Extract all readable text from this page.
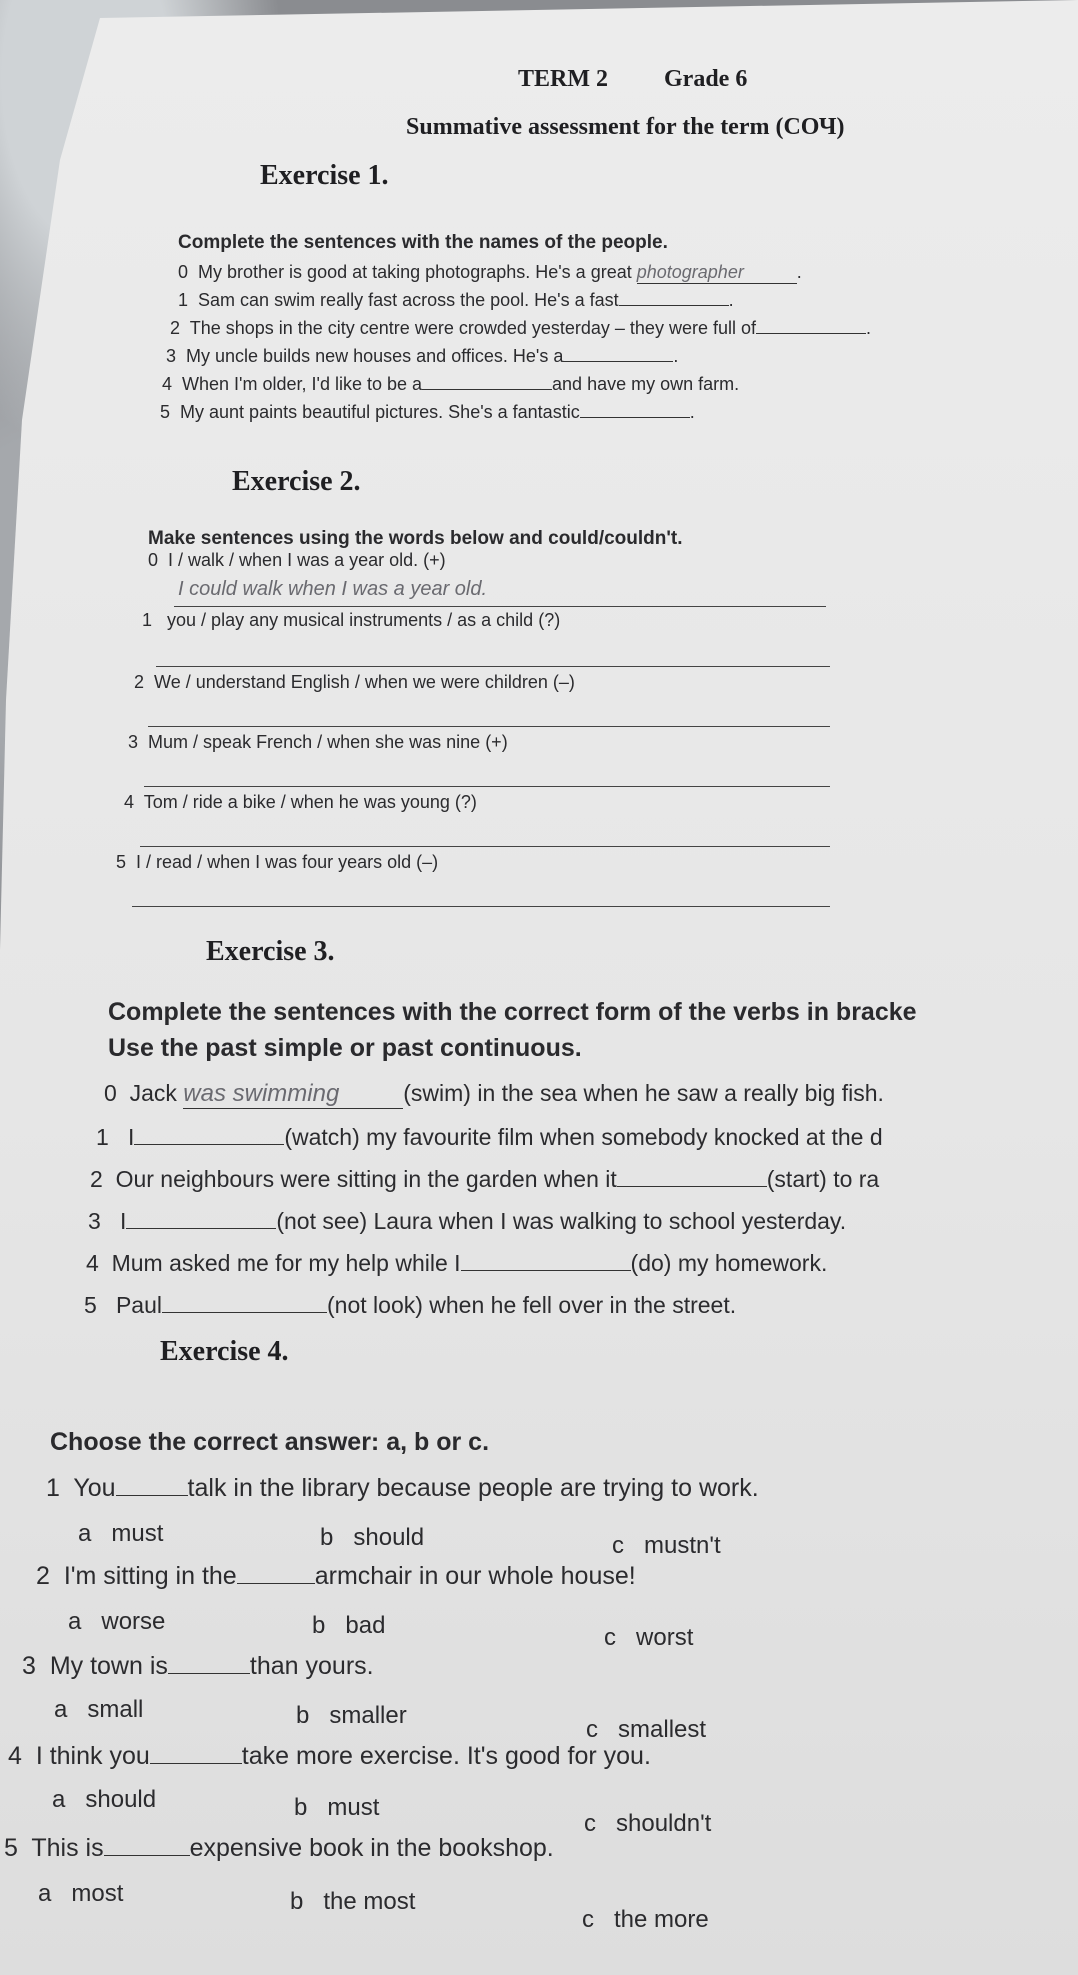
TERM 2 Grade 6
Summative assessment for the term (СОЧ)
Exercise 1.
Complete the sentences with the names of the people.
0 My brother is good at taking photographs. He's a great photographer	.
1 Sam can swim really fast across the pool. He's a fast	.
2 The shops in the city centre were crowded yesterday – they were full of	.
3 My uncle builds new houses and offices. He's a	.
4 When I'm older, I'd like to be a	and have my own farm.
5 My aunt paints beautiful pictures. She's a fantastic	.
Exercise 2.
Make sentences using the words below and could/couldn't.
0 I / walk / when I was a year old. (+)
I could walk when I was a year old.
1 you / play any musical instruments / as a child (?)
2 We / understand English / when we were children (–)
3 Mum / speak French / when she was nine (+)
4 Tom / ride a bike / when he was young (?)
5 I / read / when I was four years old (–)
Exercise 3.
Complete the sentences with the correct form of the verbs in bracke
Use the past simple or past continuous.
0 Jack was swimming	(swim) in the sea when he saw a really big fish.
1 I	(watch) my favourite film when somebody knocked at the d
2 Our neighbours were sitting in the garden when it	(start) to ra
3 I	(not see) Laura when I was walking to school yesterday.
4 Mum asked me for my help while I	(do) my homework.
5 Paul	(not look) when he fell over in the street.
Exercise 4.
Choose the correct answer: a, b or c.
1 You	talk in the library because people are trying to work.
a must	b should	c mustn't
2 I'm sitting in the	armchair in our whole house!
a worse	b bad	c worst
3 My town is	than yours.
a small	b smaller
c smallest
4 I think you	take more exercise. It's good for you.
a should	b must
c shouldn't
5 This is	expensive book in the bookshop.
a most	b the most
c the more
